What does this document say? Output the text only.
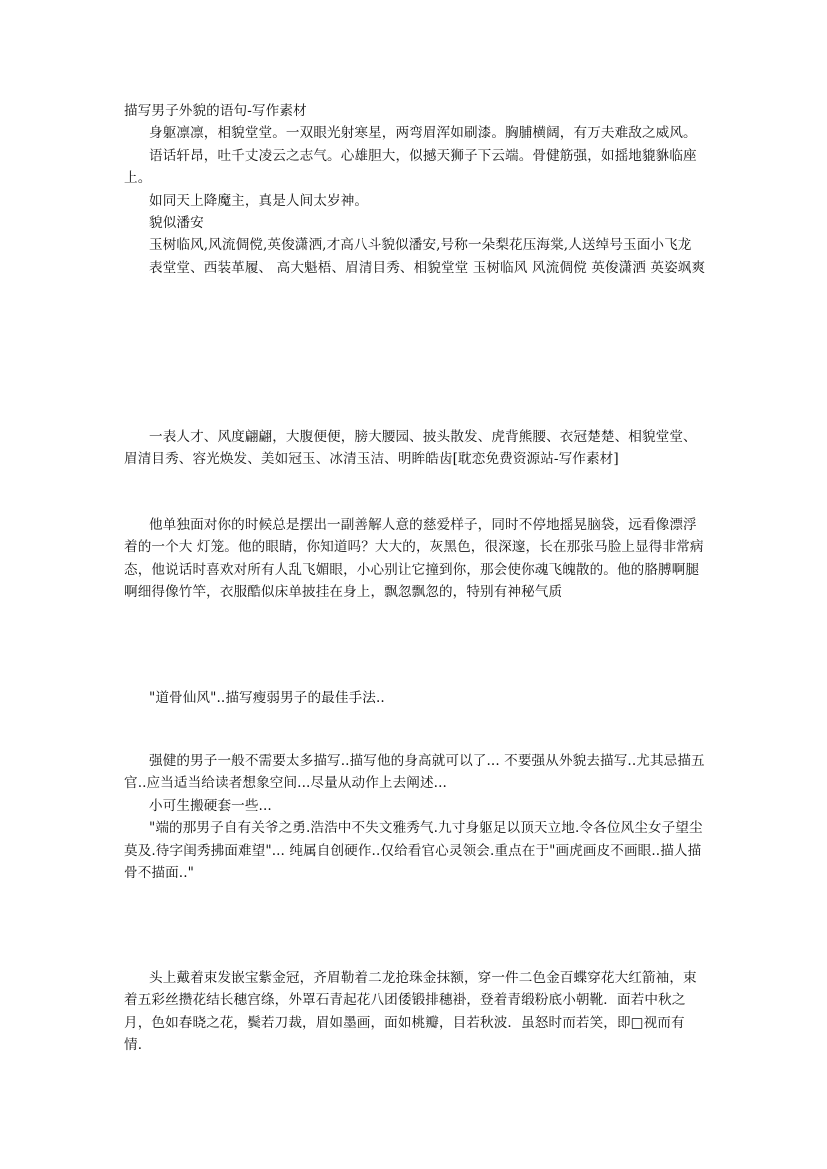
描写男子外貌的语句-写作素材

身躯凛凛，相貌堂堂。一双眼光射寒星，两弯眉浑如刷漆。胸脯横阔，有万夫难敌之威风。

语话轩昂，吐千丈凌云之志气。心雄胆大，似撼天狮子下云端。骨健筋强，如摇地貔貅临座上。

如同天上降魔主，真是人间太岁神。

貌似潘安

玉树临风,风流倜傥,英俊潇洒,才高八斗貌似潘安,号称一朵梨花压海棠,人送绰号玉面小飞龙

表堂堂、西装革履、 高大魁梧、眉清目秀、相貌堂堂 玉树临风 风流倜傥 英俊潇洒 英姿飒爽

一表人才、风度翩翩，大腹便便，膀大腰园、披头散发、虎背熊腰、衣冠楚楚、相貌堂堂、眉清目秀、容光焕发、美如冠玉、冰清玉洁、明眸皓齿[耽恋免费资源站-写作素材]

他单独面对你的时候总是摆出一副善解人意的慈爱样子，同时不停地摇晃脑袋，远看像漂浮着的一个大 灯笼。他的眼睛，你知道吗？大大的，灰黑色，很深邃，长在那张马脸上显得非常病态，他说话时喜欢对所有人乱飞媚眼，小心别让它撞到你，那会使你魂飞魄散的。他的胳膊啊腿啊细得像竹竿，衣服酷似床单披挂在身上，飘忽飘忽的，特别有神秘气质

"道骨仙风"..描写瘦弱男子的最佳手法..

强健的男子一般不需要太多描写..描写他的身高就可以了... 不要强从外貌去描写..尤其忌描五官..应当适当给读者想象空间...尽量从动作上去阐述...

小可生搬硬套一些...

"端的那男子自有关爷之勇.浩浩中不失文雅秀气.九寸身躯足以顶天立地.令各位风尘女子望尘莫及.待字闺秀拂面难望"... 纯属自创硬作..仅给看官心灵领会.重点在于"画虎画皮不画眼..描人描骨不描面.."

头上戴着束发嵌宝紫金冠，齐眉勒着二龙抢珠金抹额，穿一件二色金百蝶穿花大红箭袖，束着五彩丝攒花结长穗宫绦，外罩石青起花八团倭锻排穗褂，登着青缎粉底小朝靴．面若中秋之月，色如春晓之花，鬓若刀裁，眉如墨画，面如桃瓣，目若秋波．虽怒时而若笑，即□视而有情．
